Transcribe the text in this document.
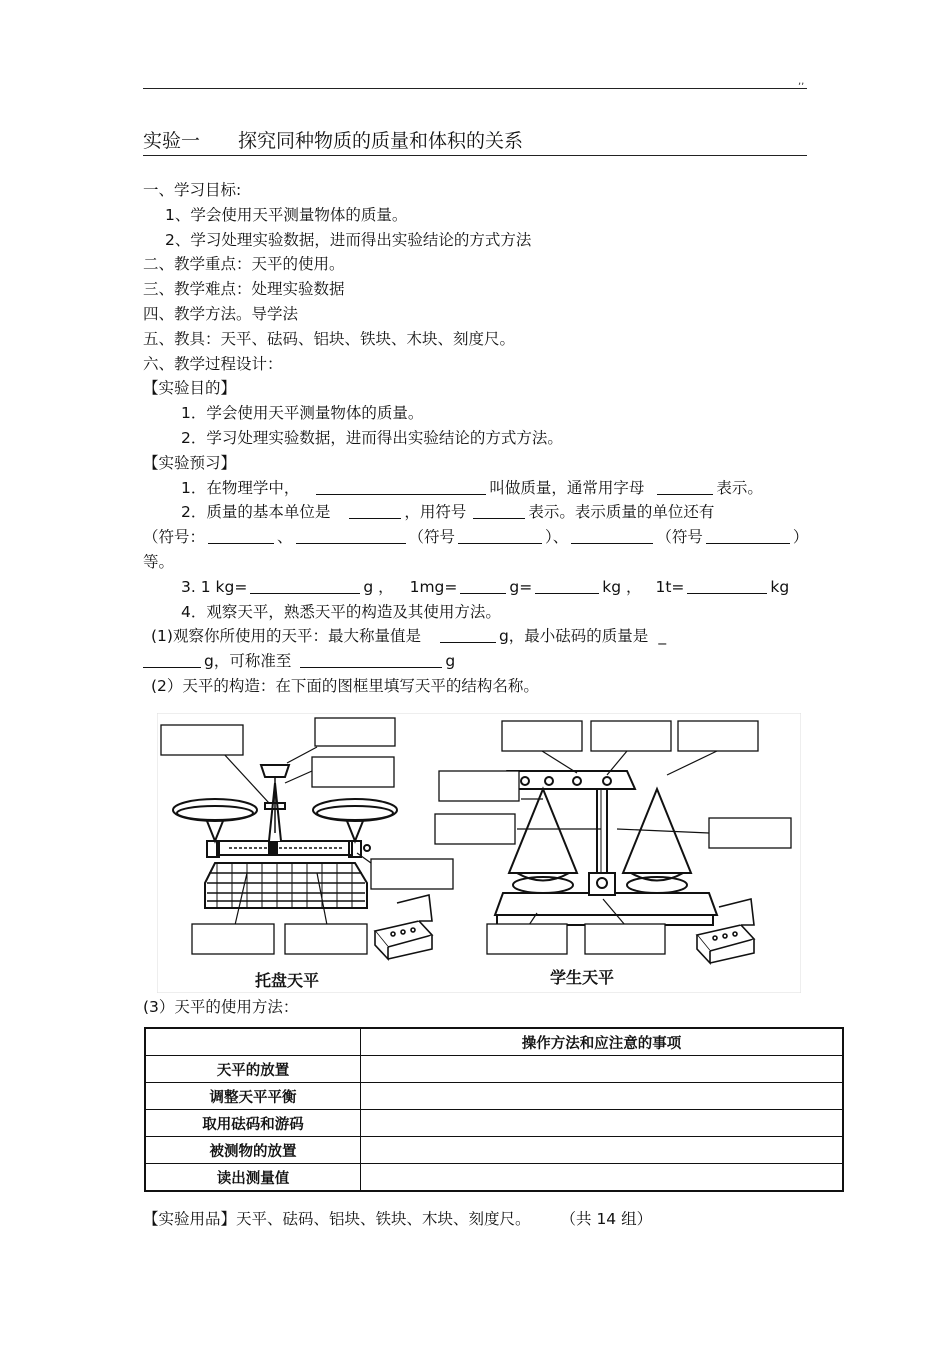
,,
实验一 探究同种物质的质量和体积的关系
一、学习目标:
1、学会使用天平测量物体的质量。
2、学习处理实验数据，进而得出实验结论的方式方法
二、教学重点：天平的使用。
三、教学难点：处理实验数据
四、教学方法。导学法
五、教具：天平、砝码、铝块、铁块、木块、刻度尺。
六、教学过程设计：
【实验目的】
1．学会使用天平测量物体的质量。
2．学习处理实验数据，进而得出实验结论的方式方法。
【实验预习】
1．在物理学中，	叫做质量，通常用字母	表示。
2．质量的基本单位是	，用符号	表示。表示质量的单位还有
（符号：	、	（符号	）、	（符号	）
等。
3. 1 kg=	g ， 1mg=	g=	kg ， 1t=	kg
4．观察天平，熟悉天平的构造及其使用方法。
(1)观察你所使用的天平：最大称量值是	g，最小砝码的质量是 _
g，可称准至	g
(2）天平的构造：在下面的图框里填写天平的结构名称。
托盘天平	学生天平
(3）天平的使用方法：
	操作方法和应注意的事项
天平的放置	
调整天平平衡	
取用砝码和游码	
被测物的放置	
读出测量值	
【实验用品】天平、砝码、铝块、铁块、木块、刻度尺。 （共 14 组）
